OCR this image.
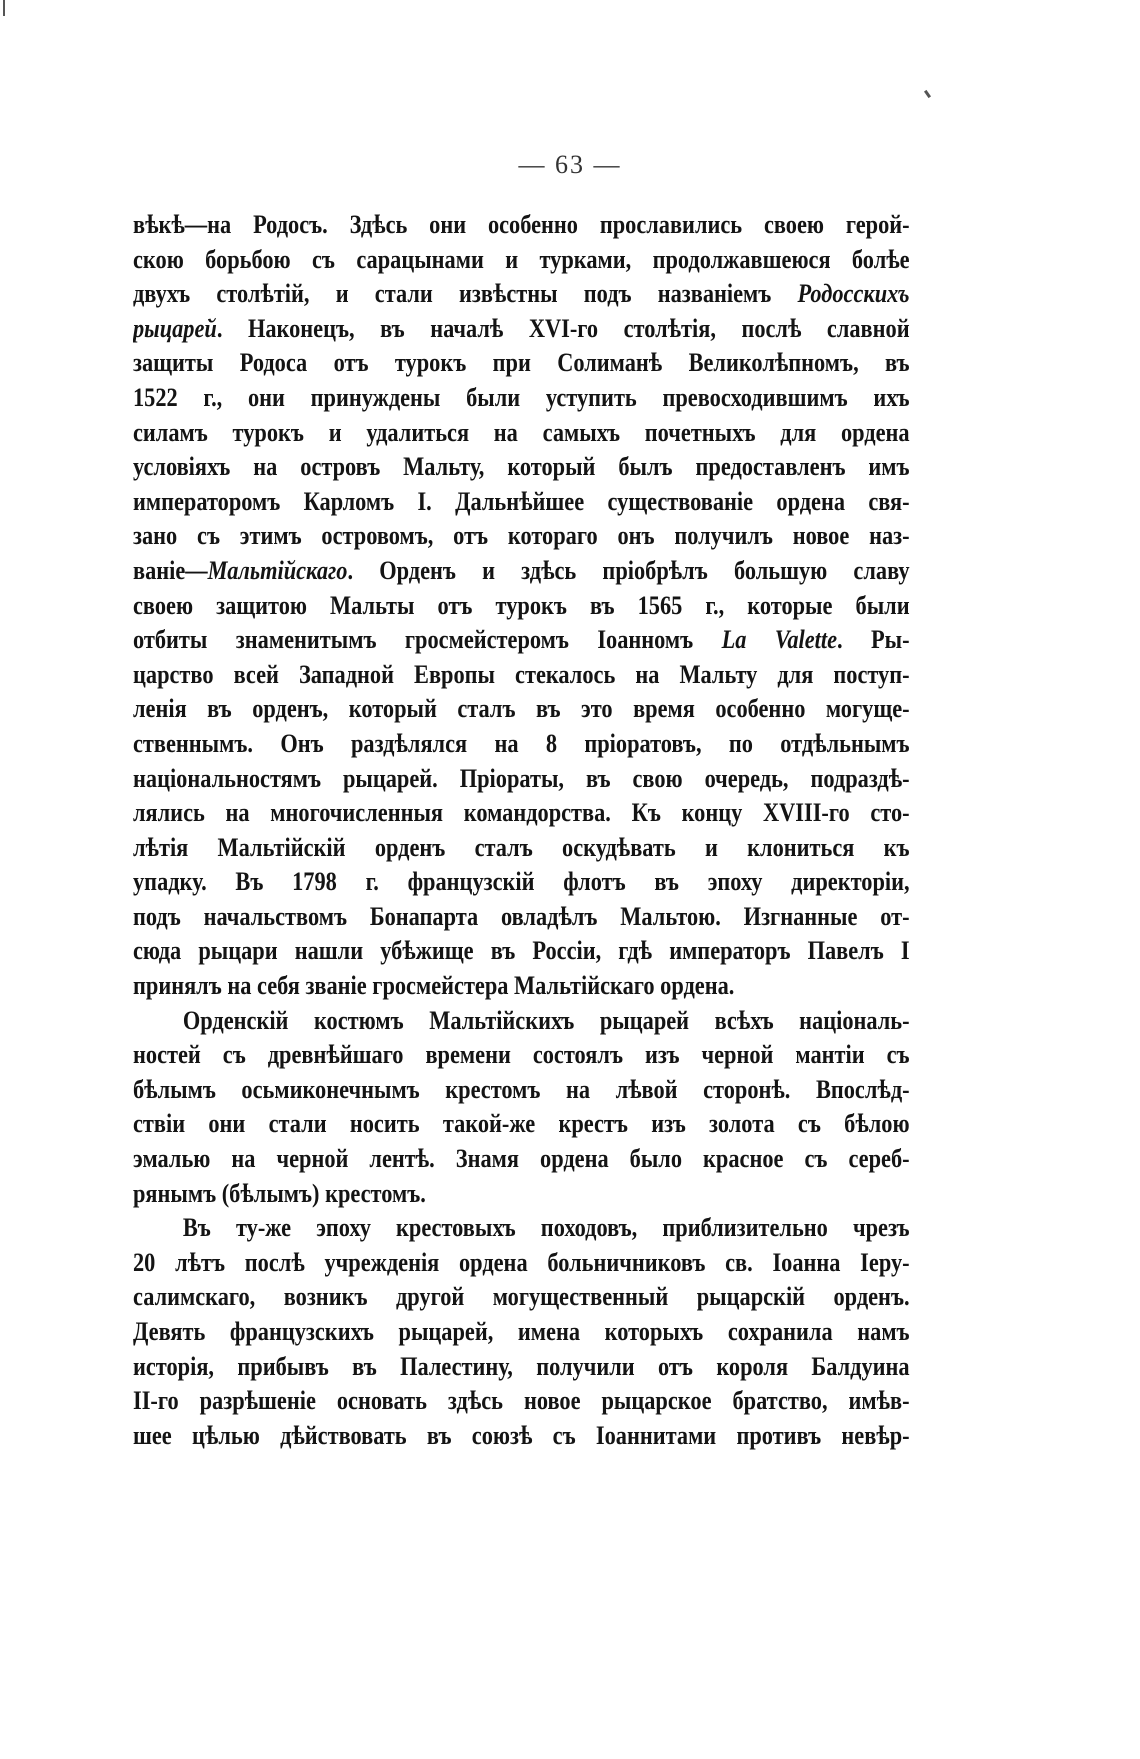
— 63 —
вѣкѣ—на Родосъ. Здѣсь они особенно прославились своею герой-
скою борьбою съ сарацынами и турками, продолжавшеюся болѣе
двухъ столѣтій, и стали извѣстны подъ названіемъ Родосскихъ
рыцарей. Наконецъ, въ началѣ XVI-го столѣтія, послѣ славной
защиты Родоса отъ турокъ при Солиманѣ Великолѣпномъ, въ
1522 г., они принуждены были уступить превосходившимъ ихъ
силамъ турокъ и удалиться на самыхъ почетныхъ для ордена
условіяхъ на островъ Мальту, который былъ предоставленъ имъ
императоромъ Карломъ I. Дальнѣйшее существованіе ордена свя-
зано съ этимъ островомъ, отъ котораго онъ получилъ новое наз-
ваніе—Мальтійскаго. Орденъ и здѣсь пріобрѣлъ большую славу
своею защитою Мальты отъ турокъ въ 1565 г., которые были
отбиты знаменитымъ гросмейстеромъ Іоанномъ La Valette. Ры-
царство всей Западной Европы стекалось на Мальту для поступ-
ленія въ орденъ, который сталъ въ это время особенно могуще-
ственнымъ. Онъ раздѣлялся на 8 пріоратовъ, по отдѣльнымъ
національностямъ рыцарей. Пріораты, въ свою очередь, подраздѣ-
лялись на многочисленныя командорства. Къ концу XVIII-го сто-
лѣтія Мальтійскій орденъ сталъ оскудѣвать и клониться къ
упадку. Въ 1798 г. французскій флотъ въ эпоху директоріи,
подъ начальствомъ Бонапарта овладѣлъ Мальтою. Изгнанные от-
сюда рыцари нашли убѣжище въ Россіи, гдѣ императоръ Павелъ I
принялъ на себя званіе гросмейстера Мальтійскаго ордена.
Орденскій костюмъ Мальтійскихъ рыцарей всѣхъ національ-
ностей съ древнѣйшаго времени состоялъ изъ черной мантіи съ
бѣлымъ осьмиконечнымъ крестомъ на лѣвой сторонѣ. Впослѣд-
ствіи они стали носить такой-же крестъ изъ золота съ бѣлою
эмалью на черной лентѣ. Знамя ордена было красное съ сереб-
рянымъ (бѣлымъ) крестомъ.
Въ ту-же эпоху крестовыхъ походовъ, приблизительно чрезъ
20 лѣтъ послѣ учрежденія ордена больничниковъ св. Іоанна Іеру-
салимскаго, возникъ другой могущественный рыцарскій орденъ.
Девять французскихъ рыцарей, имена которыхъ сохранила намъ
исторія, прибывъ въ Палестину, получили отъ короля Балдуина
II-го разрѣшеніе основать здѣсь новое рыцарское братство, имѣв-
шее цѣлью дѣйствовать въ союзѣ съ Іоаннитами противъ невѣр-
